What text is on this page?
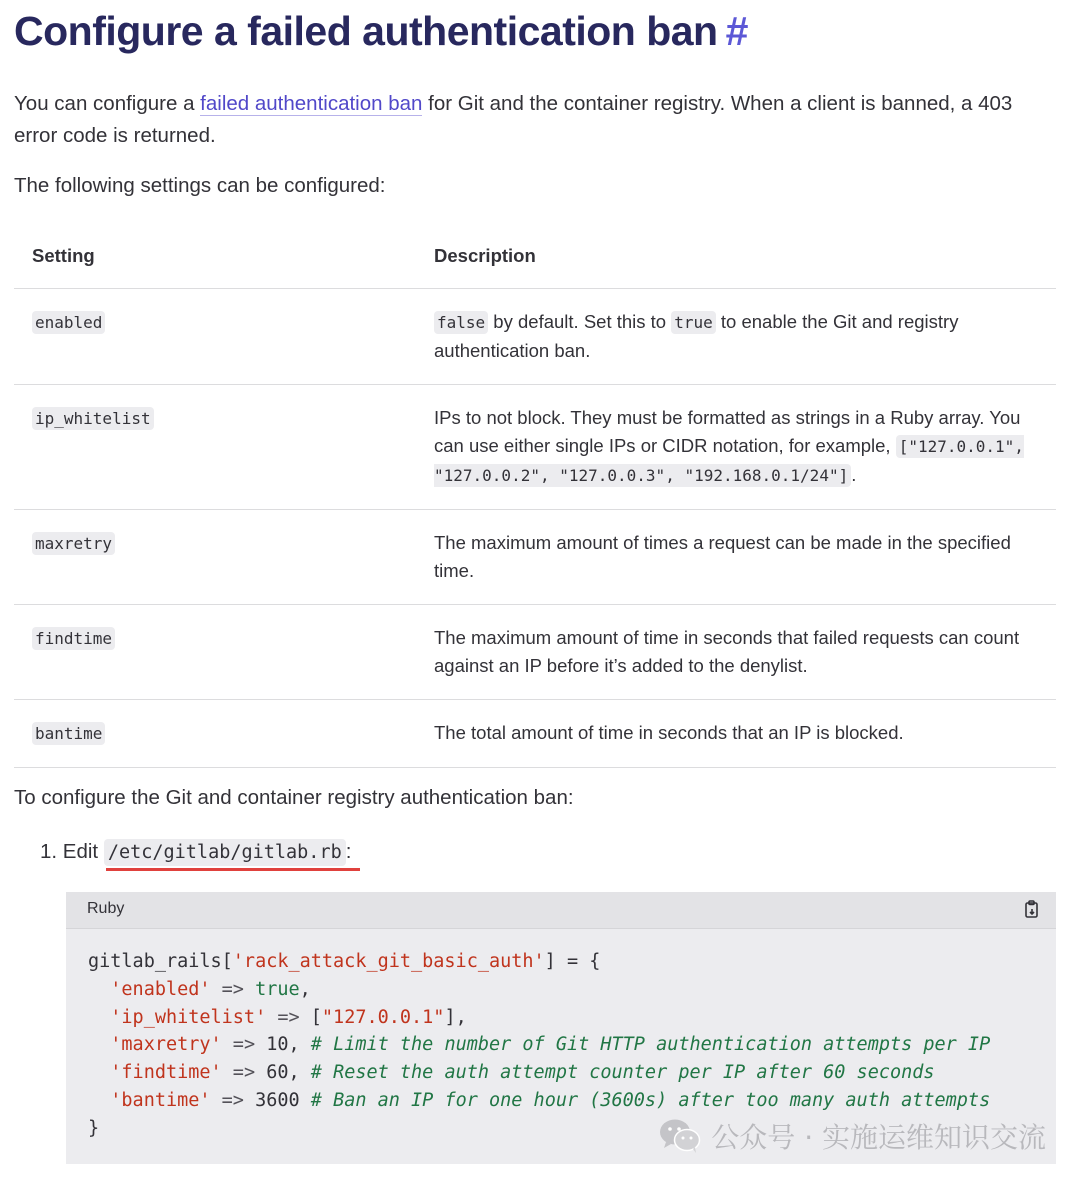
Configure a failed authentication ban #

You can configure a failed authentication ban for Git and the container registry. When a client is banned, a 403 error code is returned.

The following settings can be configured:

Setting	Description
enabled	false by default. Set this to true to enable the Git and registry authentication ban.
ip_whitelist	IPs to not block. They must be formatted as strings in a Ruby array. You can use either single IPs or CIDR notation, for example, ["127.0.0.1", "127.0.0.2", "127.0.0.3", "192.168.0.1/24"] .
maxretry	The maximum amount of times a request can be made in the specified time.
findtime	The maximum amount of time in seconds that failed requests can count against an IP before it’s added to the denylist.
bantime	The total amount of time in seconds that an IP is blocked.

To configure the Git and container registry authentication ban:

1. Edit /etc/gitlab/gitlab.rb :
Ruby
gitlab_rails['rack_attack_git_basic_auth'] = {
'enabled' => true,
'ip_whitelist' => ["127.0.0.1"],
'maxretry' => 10, # Limit the number of Git HTTP authentication attempts per IP
'findtime' => 60, # Reset the auth attempt counter per IP after 60 seconds
'bantime' => 3600 # Ban an IP for one hour (3600s) after too many auth attempts
}	公众号 · 实施运维知识交流
